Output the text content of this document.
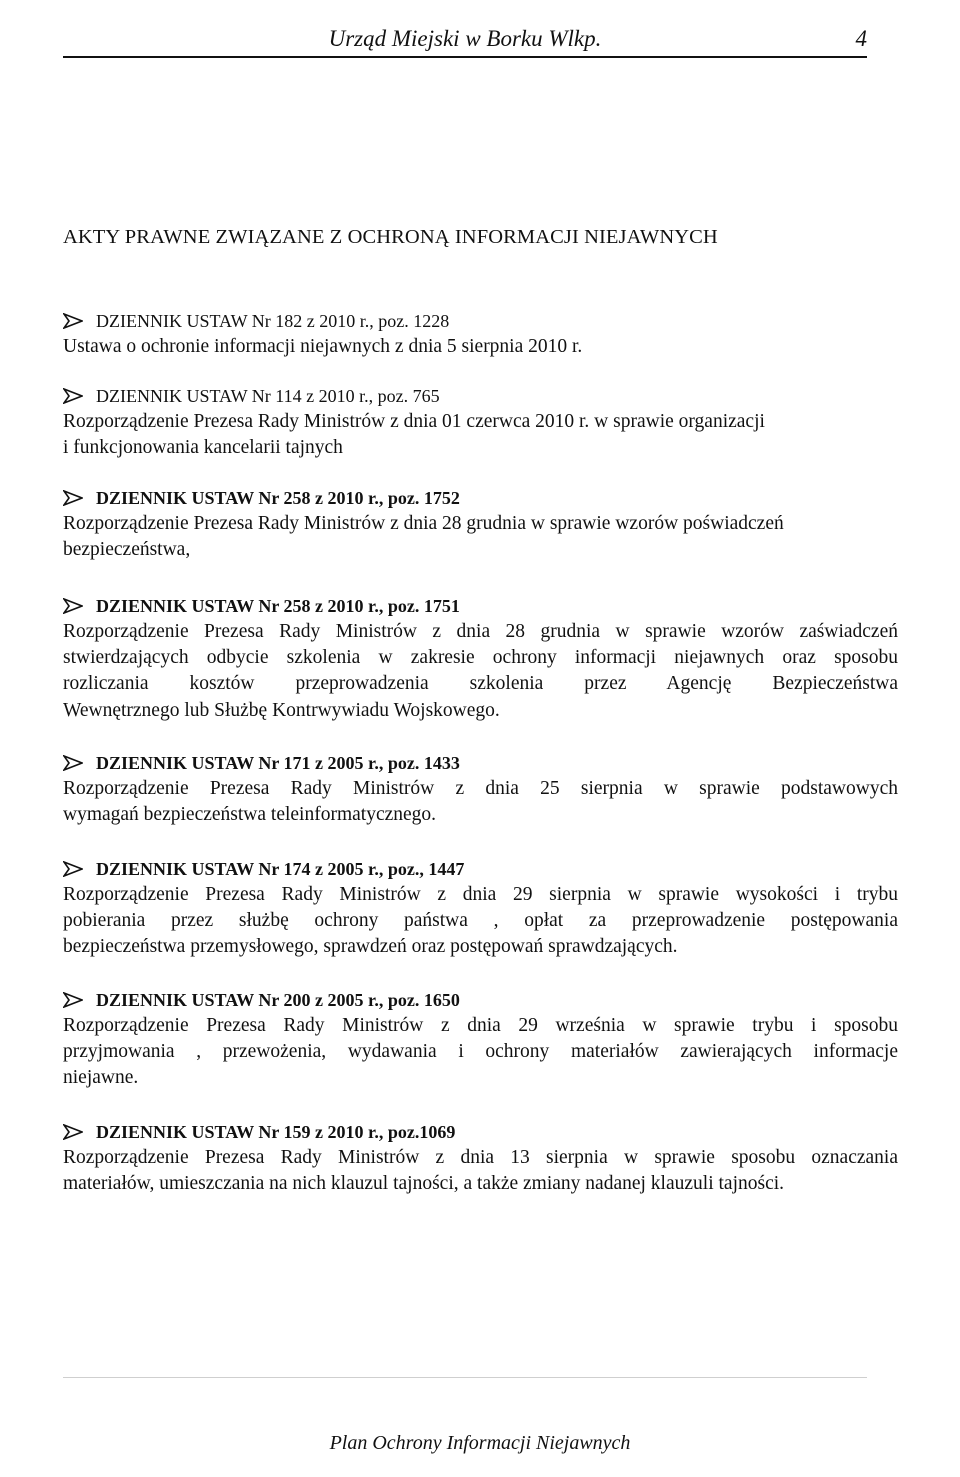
Urząd Miejski w Borku Wlkp.	4
AKTY PRAWNE ZWIĄZANE Z OCHRONĄ INFORMACJI NIEJAWNYCH
DZIENNIK USTAW Nr 182 z 2010 r., poz. 1228
Ustawa o ochronie informacji niejawnych z dnia 5 sierpnia 2010 r.
DZIENNIK USTAW Nr 114 z 2010 r., poz. 765
Rozporządzenie Prezesa Rady Ministrów z dnia 01 czerwca 2010 r. w sprawie organizacji
i funkcjonowania kancelarii tajnych
DZIENNIK USTAW Nr 258 z 2010 r., poz. 1752
Rozporządzenie Prezesa Rady Ministrów z dnia 28 grudnia w sprawie wzorów poświadczeń
bezpieczeństwa,
DZIENNIK USTAW Nr 258 z 2010 r., poz. 1751
Rozporządzenie Prezesa Rady Ministrów z dnia 28 grudnia w sprawie wzorów zaświadczeń
stwierdzających odbycie szkolenia w zakresie ochrony informacji niejawnych oraz sposobu
rozliczania kosztów przeprowadzenia szkolenia przez Agencję Bezpieczeństwa
Wewnętrznego lub Służbę Kontrwywiadu Wojskowego.
DZIENNIK USTAW Nr 171 z 2005 r., poz. 1433
Rozporządzenie Prezesa Rady Ministrów z dnia 25 sierpnia w sprawie podstawowych
wymagań bezpieczeństwa teleinformatycznego.
DZIENNIK USTAW Nr 174 z 2005 r., poz., 1447
Rozporządzenie Prezesa Rady Ministrów z dnia 29 sierpnia w sprawie wysokości i trybu
pobierania przez służbę ochrony państwa , opłat za przeprowadzenie postępowania
bezpieczeństwa przemysłowego, sprawdzeń oraz postępowań sprawdzających.
DZIENNIK USTAW Nr 200 z 2005 r., poz. 1650
Rozporządzenie Prezesa Rady Ministrów z dnia 29 września w sprawie trybu i sposobu
przyjmowania , przewożenia, wydawania i ochrony materiałów zawierających informacje
niejawne.
DZIENNIK USTAW Nr 159 z 2010 r., poz.1069
Rozporządzenie Prezesa Rady Ministrów z dnia 13 sierpnia w sprawie sposobu oznaczania
materiałów, umieszczania na nich klauzul tajności, a także zmiany nadanej klauzuli tajności.
Plan Ochrony Informacji Niejawnych
